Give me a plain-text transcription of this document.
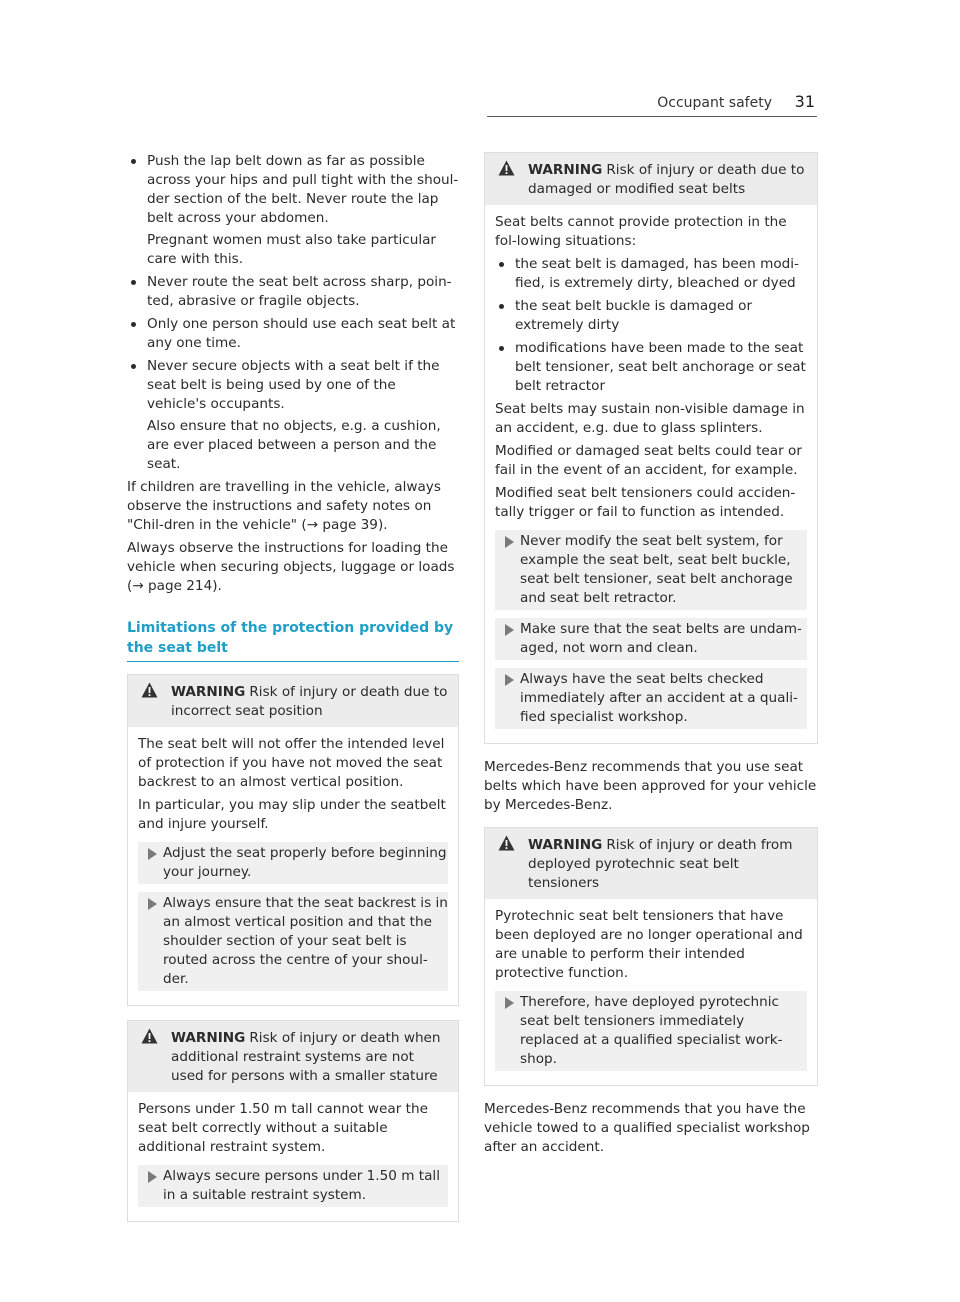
Occupant safety 31
Push the lap belt down as far as possible across your hips and pull tight with the shoul-der section of the belt. Never route the lap belt across your abdomen.

Pregnant women must also take particular care with this.

Never route the seat belt across sharp, poin-ted, abrasive or fragile objects.
Only one person should use each seat belt at any one time.
Never secure objects with a seat belt if the seat belt is being used by one of the vehicle's occupants.

Also ensure that no objects, e.g. a cushion, are ever placed between a person and the seat.

If children are travelling in the vehicle, always observe the instructions and safety notes on "Chil-dren in the vehicle" (→ page 39).

Always observe the instructions for loading the vehicle when securing objects, luggage or loads (→ page 214).

Limitations of the protection provided by the seat belt
WARNING Risk of injury or death due to incorrect seat position

The seat belt will not offer the intended level of protection if you have not moved the seat backrest to an almost vertical position.

In particular, you may slip under the seatbelt and injure yourself.

Adjust the seat properly before beginning your journey.
Always ensure that the seat backrest is in an almost vertical position and that the shoulder section of your seat belt is routed across the centre of your shoul-der.
WARNING Risk of injury or death when additional restraint systems are not used for persons with a smaller stature

Persons under 1.50 m tall cannot wear the seat belt correctly without a suitable additional restraint system.

Always secure persons under 1.50 m tall in a suitable restraint system.
WARNING Risk of injury or death due to damaged or modified seat belts

Seat belts cannot provide protection in the fol-lowing situations:

the seat belt is damaged, has been modi-fied, is extremely dirty, bleached or dyed
the seat belt buckle is damaged or extremely dirty
modifications have been made to the seat belt tensioner, seat belt anchorage or seat belt retractor

Seat belts may sustain non-visible damage in an accident, e.g. due to glass splinters.

Modified or damaged seat belts could tear or fail in the event of an accident, for example.

Modified seat belt tensioners could acciden-tally trigger or fail to function as intended.

Never modify the seat belt system, for example the seat belt, seat belt buckle, seat belt tensioner, seat belt anchorage and seat belt retractor.
Make sure that the seat belts are undam-aged, not worn and clean.
Always have the seat belts checked immediately after an accident at a quali-fied specialist workshop.

Mercedes-Benz recommends that you use seat belts which have been approved for your vehicle by Mercedes-Benz.

WARNING Risk of injury or death from deployed pyrotechnic seat belt tensioners

Pyrotechnic seat belt tensioners that have been deployed are no longer operational and are unable to perform their intended protective function.

Therefore, have deployed pyrotechnic seat belt tensioners immediately replaced at a qualified specialist work-shop.

Mercedes-Benz recommends that you have the vehicle towed to a qualified specialist workshop after an accident.
